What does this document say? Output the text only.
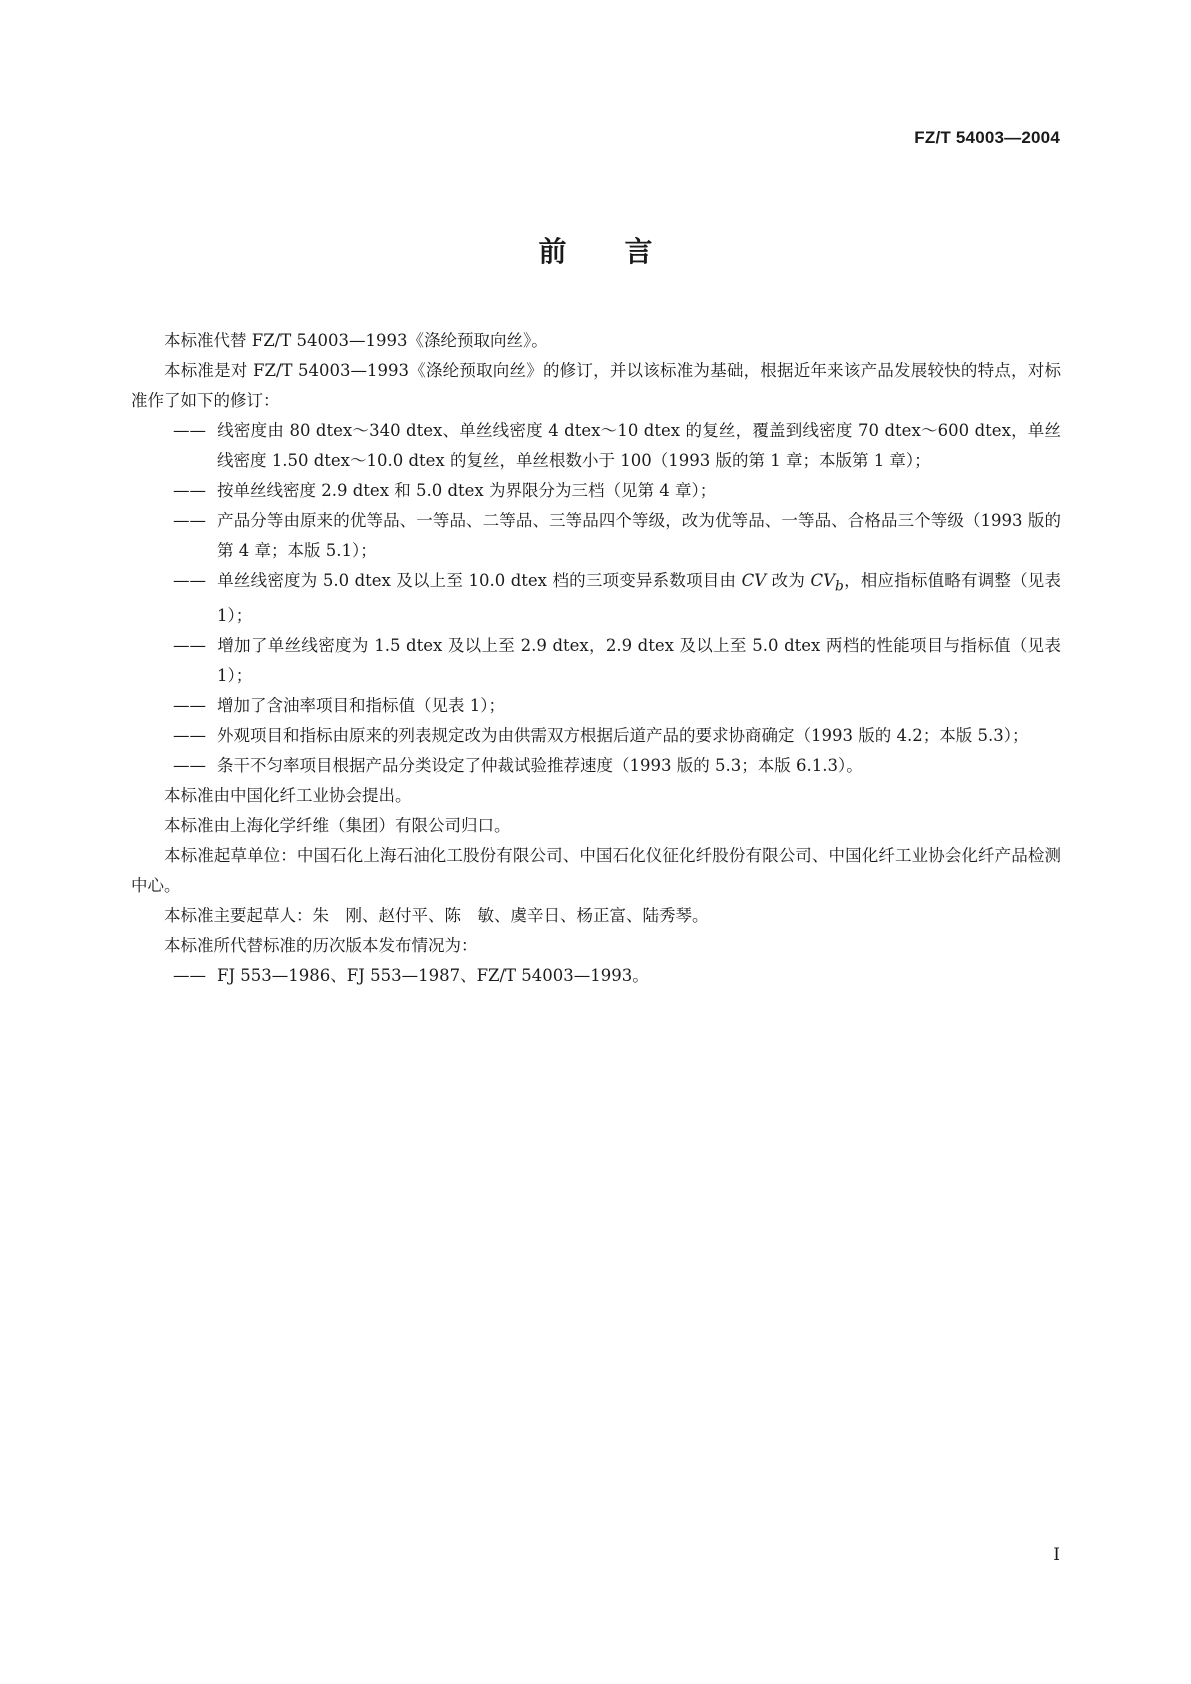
FZ/T 54003—2004
前 言

本标准代替 FZ/T 54003—1993《涤纶预取向丝》。

本标准是对 FZ/T 54003—1993《涤纶预取向丝》的修订，并以该标准为基础，根据近年来该产品发展较快的特点，对标准作了如下的修订：

—— 线密度由 80 dtex～340 dtex、单丝线密度 4 dtex～10 dtex 的复丝，覆盖到线密度 70 dtex～600 dtex，单丝线密度 1.50 dtex～10.0 dtex 的复丝，单丝根数小于 100（1993 版的第 1 章；本版第 1 章）；

—— 按单丝线密度 2.9 dtex 和 5.0 dtex 为界限分为三档（见第 4 章）；

—— 产品分等由原来的优等品、一等品、二等品、三等品四个等级，改为优等品、一等品、合格品三个等级（1993 版的第 4 章；本版 5.1）；

—— 单丝线密度为 5.0 dtex 及以上至 10.0 dtex 档的三项变异系数项目由 CV 改为 $CV_b$，相应指标值略有调整（见表 1）；

—— 增加了单丝线密度为 1.5 dtex 及以上至 2.9 dtex，2.9 dtex 及以上至 5.0 dtex 两档的性能项目与指标值（见表 1）；

—— 增加了含油率项目和指标值（见表 1）；

—— 外观项目和指标由原来的列表规定改为由供需双方根据后道产品的要求协商确定（1993 版的 4.2；本版 5.3）；

—— 条干不匀率项目根据产品分类设定了仲裁试验推荐速度（1993 版的 5.3；本版 6.1.3）。

本标准由中国化纤工业协会提出。

本标准由上海化学纤维（集团）有限公司归口。

本标准起草单位：中国石化上海石油化工股份有限公司、中国石化仪征化纤股份有限公司、中国化纤工业协会化纤产品检测中心。

本标准主要起草人：朱　刚、赵付平、陈　敏、虞辛日、杨正富、陆秀琴。

本标准所代替标准的历次版本发布情况为：

—— FJ 553—1986、FJ 553—1987、FZ/T 54003—1993。

I
